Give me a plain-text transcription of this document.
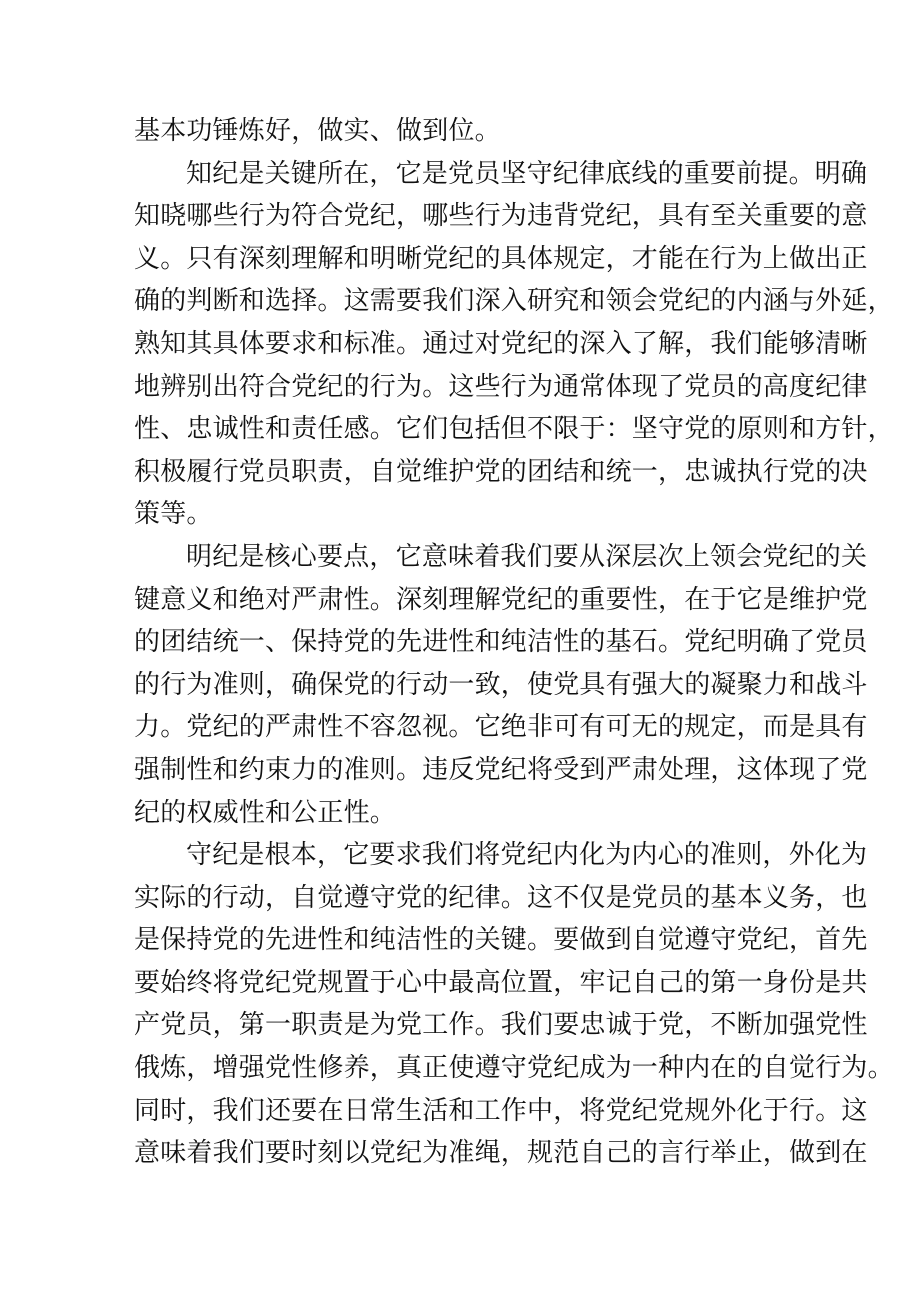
基本功锤炼好，做实、做到位。
知纪是关键所在，它是党员坚守纪律底线的重要前提。明确
知晓哪些行为符合党纪，哪些行为违背党纪，具有至关重要的意
义。只有深刻理解和明晰党纪的具体规定，才能在行为上做出正
确的判断和选择。这需要我们深入研究和领会党纪的内涵与外延，
熟知其具体要求和标准。通过对党纪的深入了解，我们能够清晰
地辨别出符合党纪的行为。这些行为通常体现了党员的高度纪律
性、忠诚性和责任感。它们包括但不限于：坚守党的原则和方针，
积极履行党员职责，自觉维护党的团结和统一，忠诚执行党的决
策等。
明纪是核心要点，它意味着我们要从深层次上领会党纪的关
键意义和绝对严肃性。深刻理解党纪的重要性，在于它是维护党
的团结统一、保持党的先进性和纯洁性的基石。党纪明确了党员
的行为准则，确保党的行动一致，使党具有强大的凝聚力和战斗
力。党纪的严肃性不容忽视。它绝非可有可无的规定，而是具有
强制性和约束力的准则。违反党纪将受到严肃处理，这体现了党
纪的权威性和公正性。
守纪是根本，它要求我们将党纪内化为内心的准则，外化为
实际的行动，自觉遵守党的纪律。这不仅是党员的基本义务，也
是保持党的先进性和纯洁性的关键。要做到自觉遵守党纪，首先
要始终将党纪党规置于心中最高位置，牢记自己的第一身份是共
产党员，第一职责是为党工作。我们要忠诚于党，不断加强党性
俄炼，增强党性修养，真正使遵守党纪成为一种内在的自觉行为。
同时，我们还要在日常生活和工作中，将党纪党规外化于行。这
意味着我们要时刻以党纪为准绳，规范自己的言行举止，做到在
